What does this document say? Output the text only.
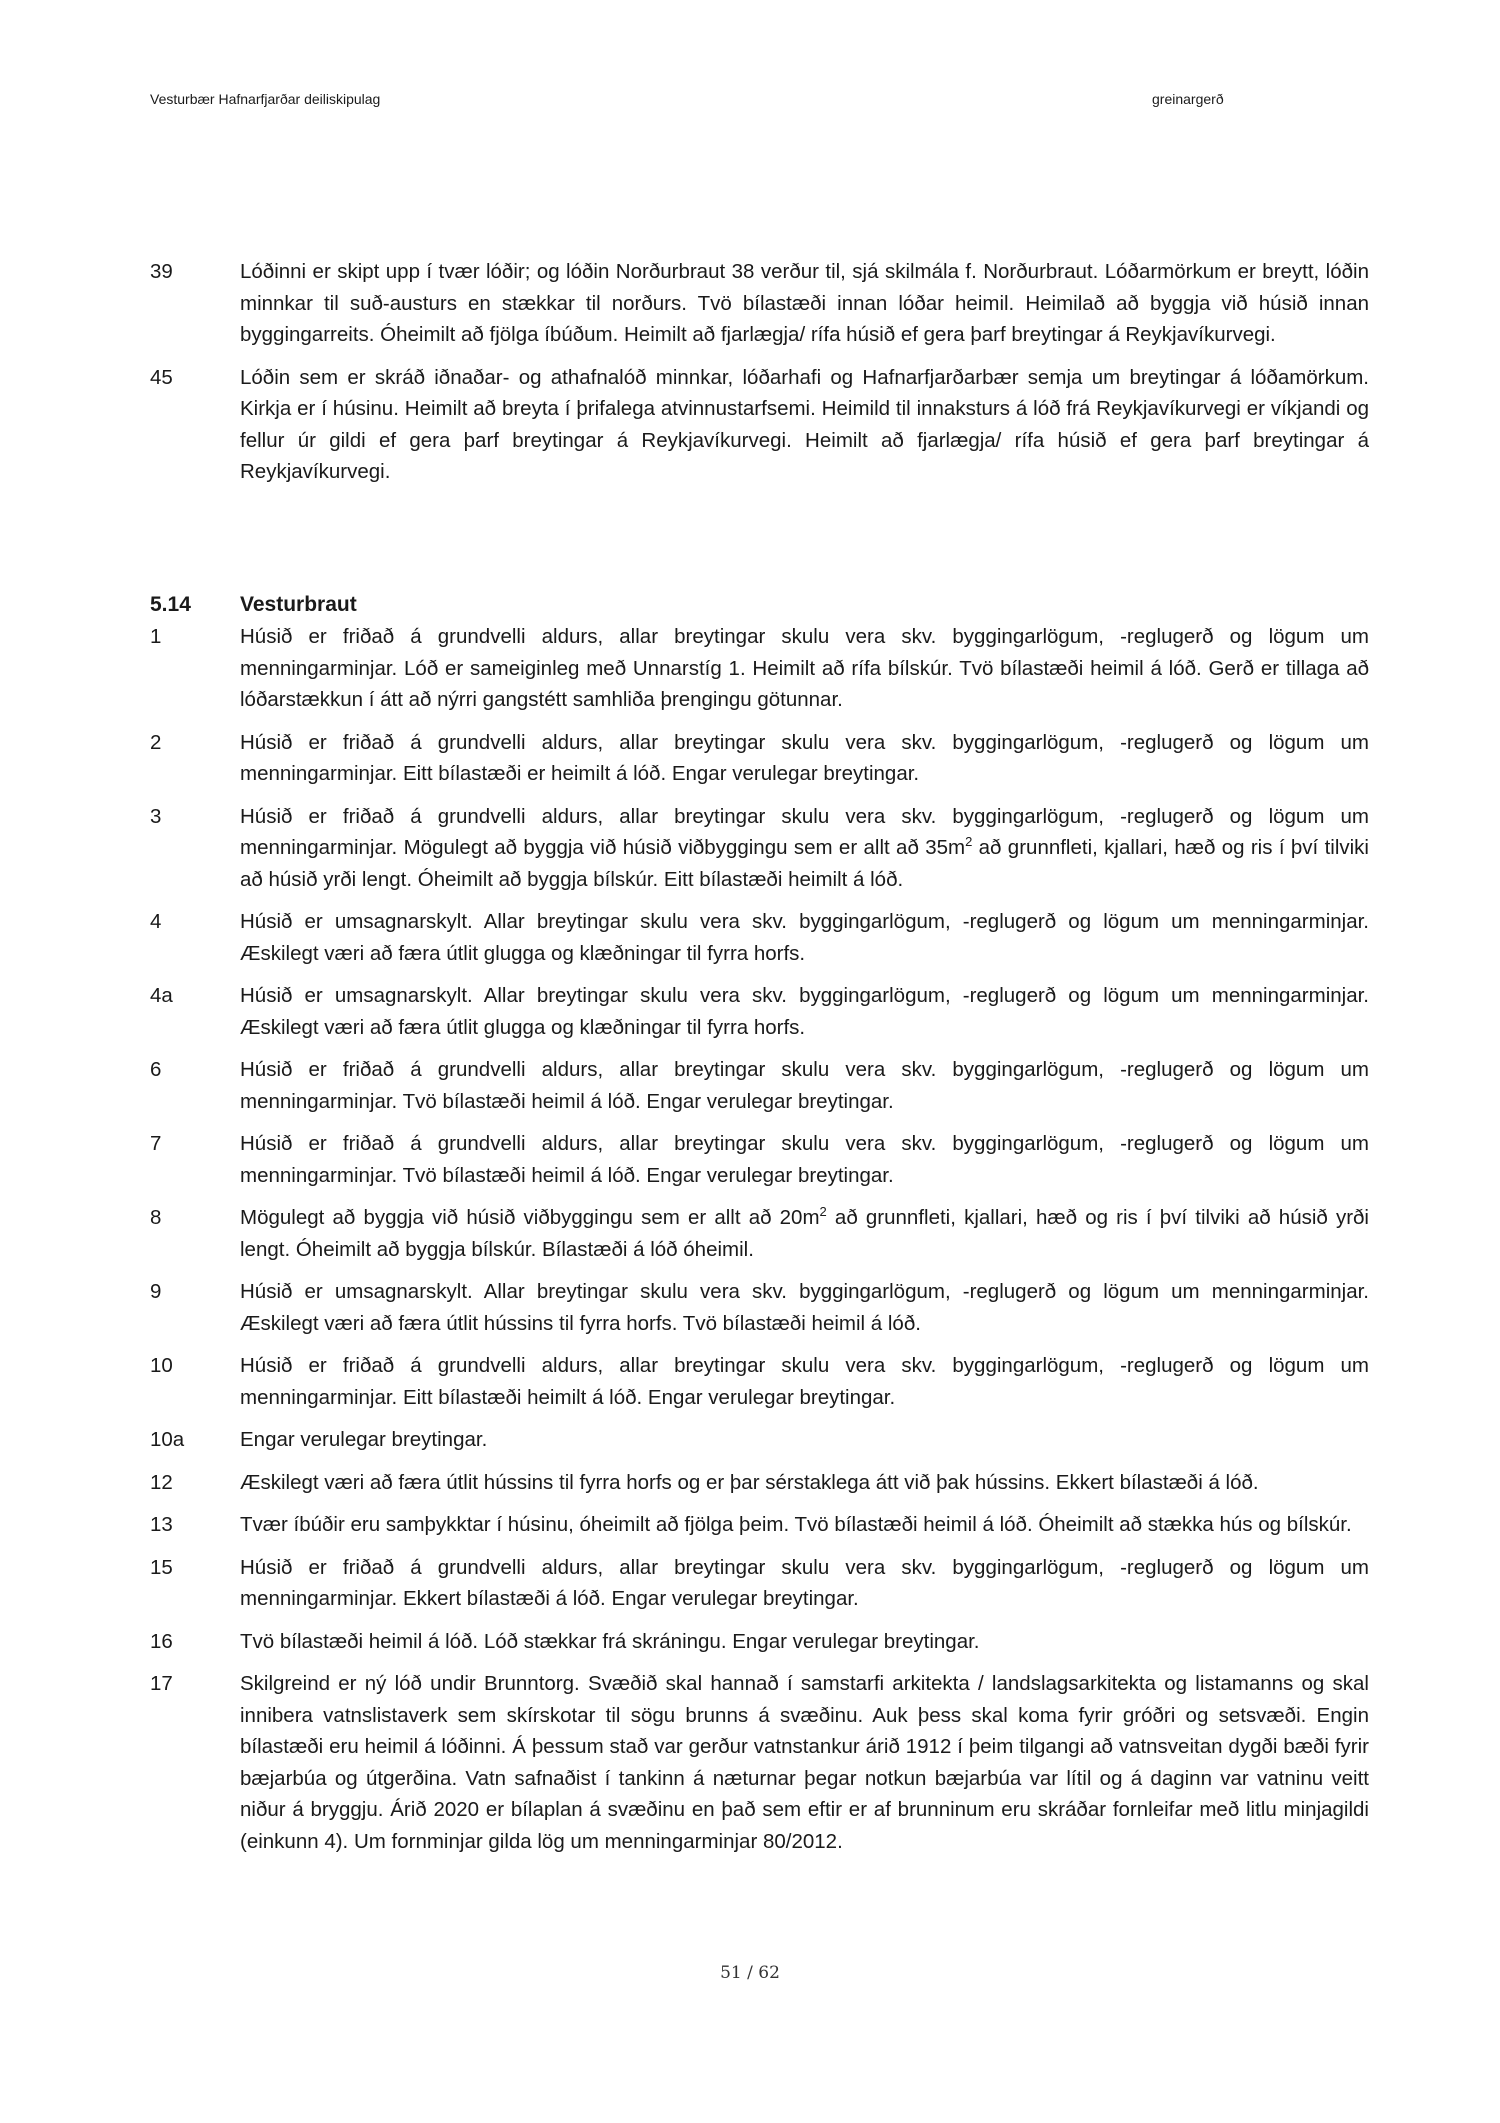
Vesturbær Hafnarfjarðar deiliskipulag	greinargerð
39	Lóðinni er skipt upp í tvær lóðir; og lóðin Norðurbraut 38 verður til, sjá skilmála f. Norðurbraut. Lóðarmörkum er breytt, lóðin minnkar til suð-austurs en stækkar til norðurs. Tvö bílastæði innan lóðar heimil. Heimilað að byggja við húsið innan byggingarreits. Óheimilt að fjölga íbúðum. Heimilt að fjarlægja/ rífa húsið ef gera þarf breytingar á Reykjavíkurvegi.
45	Lóðin sem er skráð iðnaðar- og athafnalóð minnkar, lóðarhafi og Hafnarfjarðarbær semja um breytingar á lóðamörkum. Kirkja er í húsinu. Heimilt að breyta í þrifalega atvinnustarfsemi. Heimild til innaksturs á lóð frá Reykjavíkurvegi er víkjandi og fellur úr gildi ef gera þarf breytingar á Reykjavíkurvegi. Heimilt að fjarlægja/ rífa húsið ef gera þarf breytingar á Reykjavíkurvegi.
5.14 Vesturbraut
1	Húsið er friðað á grundvelli aldurs, allar breytingar skulu vera skv. byggingarlögum, -reglugerð og lögum um menningarminjar. Lóð er sameiginleg með Unnarstíg 1. Heimilt að rífa bílskúr. Tvö bílastæði heimil á lóð. Gerð er tillaga að lóðarstækkun í átt að nýrri gangstétt samhliða þrengingu götunnar.
2	Húsið er friðað á grundvelli aldurs, allar breytingar skulu vera skv. byggingarlögum, -reglugerð og lögum um menningarminjar. Eitt bílastæði er heimilt á lóð. Engar verulegar breytingar.
3	Húsið er friðað á grundvelli aldurs, allar breytingar skulu vera skv. byggingarlögum, -reglugerð og lögum um menningarminjar. Mögulegt að byggja við húsið viðbyggingu sem er allt að $35m^2$ að grunnfleti, kjallari, hæð og ris í því tilviki að húsið yrði lengt. Óheimilt að byggja bílskúr. Eitt bílastæði heimilt á lóð.
4	Húsið er umsagnarskylt. Allar breytingar skulu vera skv. byggingarlögum, -reglugerð og lögum um menningarminjar. Æskilegt væri að færa útlit glugga og klæðningar til fyrra horfs.
4a	Húsið er umsagnarskylt. Allar breytingar skulu vera skv. byggingarlögum, -reglugerð og lögum um menningarminjar. Æskilegt væri að færa útlit glugga og klæðningar til fyrra horfs.
6	Húsið er friðað á grundvelli aldurs, allar breytingar skulu vera skv. byggingarlögum, -reglugerð og lögum um menningarminjar. Tvö bílastæði heimil á lóð. Engar verulegar breytingar.
7	Húsið er friðað á grundvelli aldurs, allar breytingar skulu vera skv. byggingarlögum, -reglugerð og lögum um menningarminjar. Tvö bílastæði heimil á lóð. Engar verulegar breytingar.
8	Mögulegt að byggja við húsið viðbyggingu sem er allt að $20m^2$ að grunnfleti, kjallari, hæð og ris í því tilviki að húsið yrði lengt. Óheimilt að byggja bílskúr. Bílastæði á lóð óheimil.
9	Húsið er umsagnarskylt. Allar breytingar skulu vera skv. byggingarlögum, -reglugerð og lögum um menningarminjar. Æskilegt væri að færa útlit hússins til fyrra horfs. Tvö bílastæði heimil á lóð.
10	Húsið er friðað á grundvelli aldurs, allar breytingar skulu vera skv. byggingarlögum, -reglugerð og lögum um menningarminjar. Eitt bílastæði heimilt á lóð. Engar verulegar breytingar.
10a	Engar verulegar breytingar.
12	Æskilegt væri að færa útlit hússins til fyrra horfs og er þar sérstaklega átt við þak hússins. Ekkert bílastæði á lóð.
13	Tvær íbúðir eru samþykktar í húsinu, óheimilt að fjölga þeim. Tvö bílastæði heimil á lóð. Óheimilt að stækka hús og bílskúr.
15	Húsið er friðað á grundvelli aldurs, allar breytingar skulu vera skv. byggingarlögum, -reglugerð og lögum um menningarminjar. Ekkert bílastæði á lóð. Engar verulegar breytingar.
16	Tvö bílastæði heimil á lóð. Lóð stækkar frá skráningu. Engar verulegar breytingar.
17	Skilgreind er ný lóð undir Brunntorg. Svæðið skal hannað í samstarfi arkitekta / landslagsarkitekta og listamanns og skal innibera vatnslistaverk sem skírskotar til sögu brunns á svæðinu. Auk þess skal koma fyrir gróðri og setsvæði. Engin bílastæði eru heimil á lóðinni. Á þessum stað var gerður vatnstankur árið 1912 í þeim tilgangi að vatnsveitan dygði bæði fyrir bæjarbúa og útgerðina. Vatn safnaðist í tankinn á næturnar þegar notkun bæjarbúa var lítil og á daginn var vatninu veitt niður á bryggju. Árið 2020 er bílaplan á svæðinu en það sem eftir er af brunninum eru skráðar fornleifar með litlu minjagildi (einkunn 4). Um fornminjar gilda lög um menningarminjar 80/2012.
51 / 62
